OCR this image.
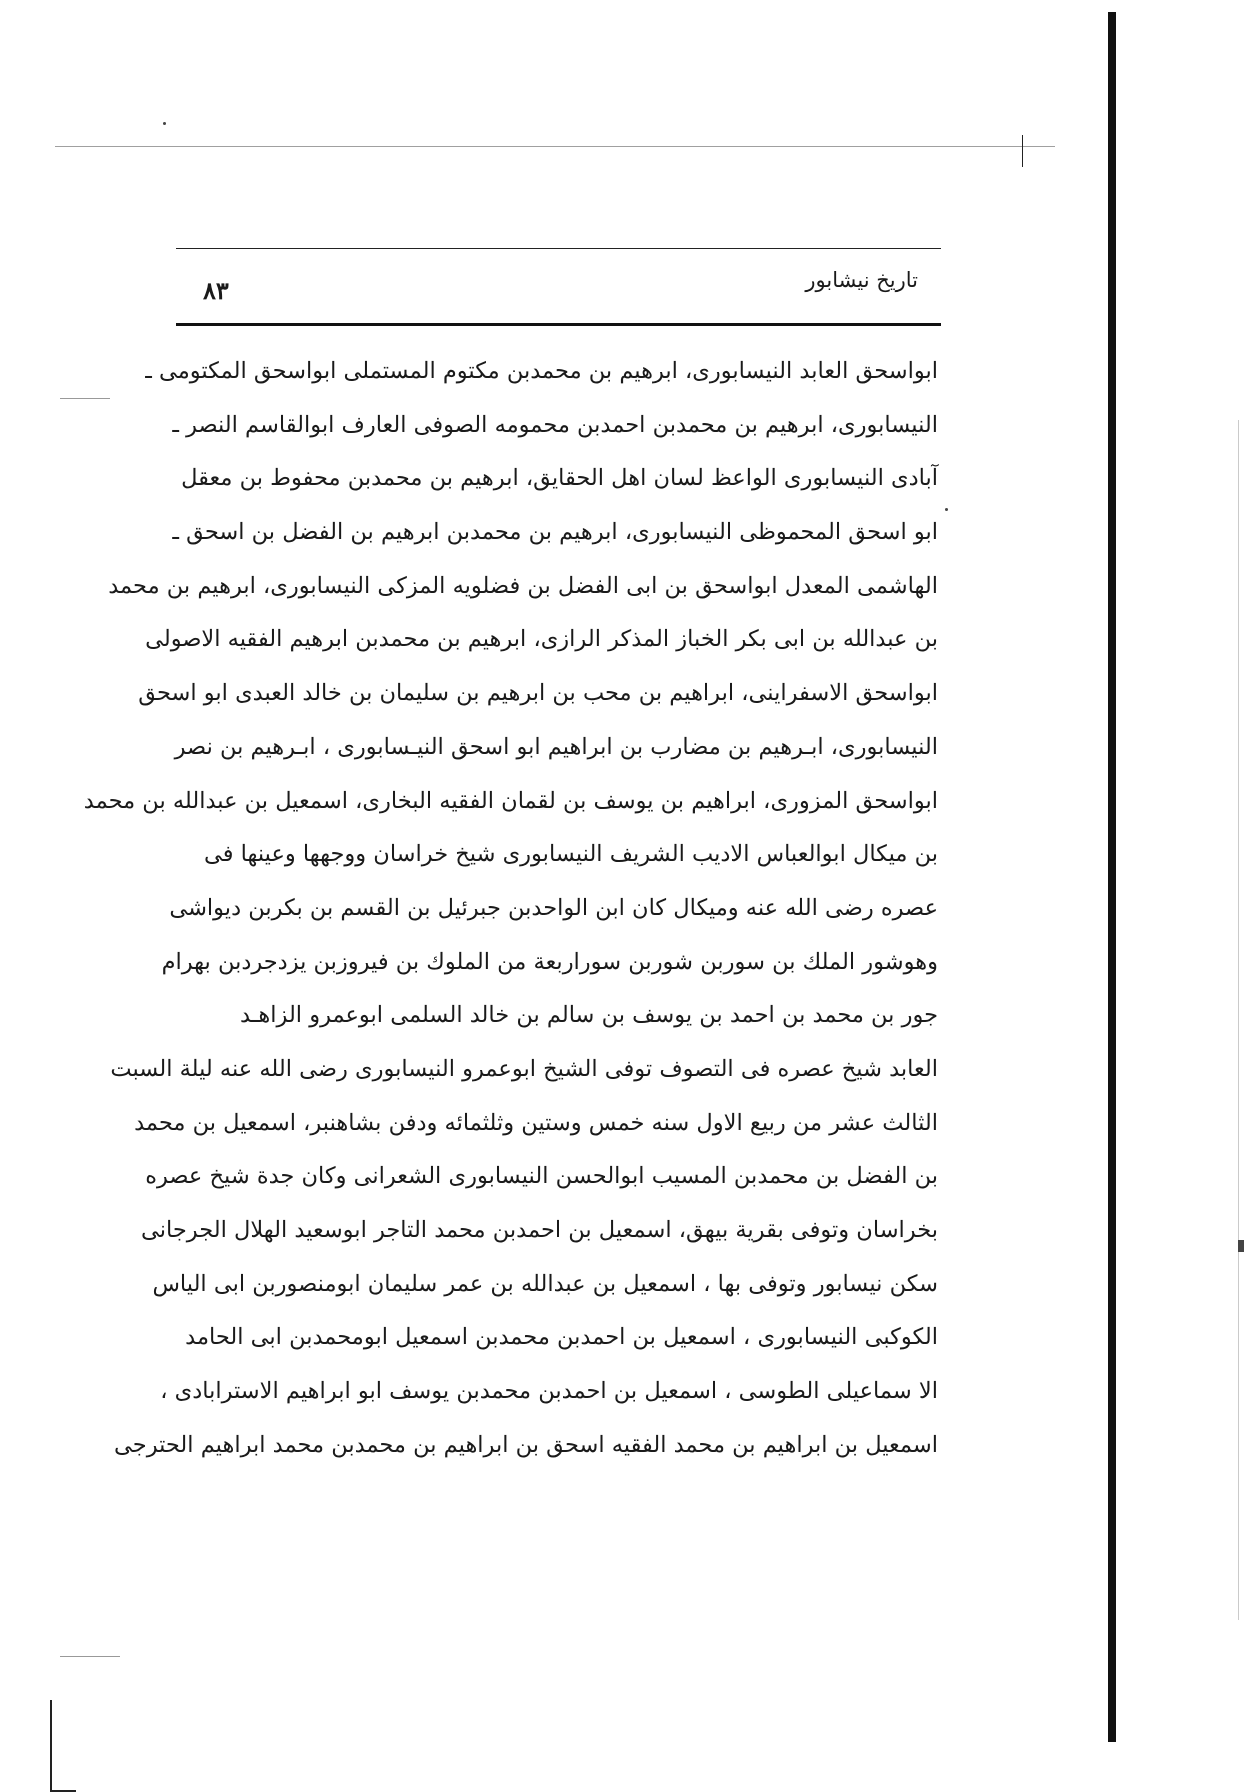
تاريخ نيشابور
۸۳
ابواسحق العابد النيسابورى، ابرهيم بن محمدبن مكتوم المستملى ابواسحق المكتومى ـ
النيسابورى، ابرهيم بن محمدبن احمدبن محمومه الصوفى العارف ابوالقاسم النصر ـ
آبادى النيسابورى الواعظ لسان اهل الحقايق، ابرهيم بن محمدبن محفوط بن معقل
ابو اسحق المحموظى النيسابورى، ابرهيم بن محمدبن ابرهيم بن الفضل بن اسحق ـ
الهاشمى المعدل ابواسحق بن ابى الفضل بن فضلويه المزكى النيسابورى، ابرهيم بن محمد
بن عبدالله بن ابى بكر الخباز المذكر الرازى، ابرهيم بن محمدبن ابرهيم الفقيه الاصولى
ابواسحق الاسفراينى، ابراهيم بن محب بن ابرهيم بن سليمان بن خالد العبدى ابو اسحق
النيسابورى، ابـرهيم بن مضارب بن ابراهيم ابو اسحق النيـسابورى ، ابـرهيم بن نصر
ابواسحق المزورى، ابراهيم بن يوسف بن لقمان الفقيه البخارى، اسمعيل بن عبدالله بن محمد
بن ميكال ابوالعباس الاديب الشريف النيسابورى شيخ خراسان ووجهها وعينها فى
عصره رضى الله عنه وميكال كان ابن الواحدبن جبرئيل بن القسم بن بكربن ديواشى
وهوشور الملك بن سوربن شوربن سوراربعة من الملوك بن فيروزبن يزدجردبن بهرام
جور بن محمد بن احمد بن يوسف بن سالم بن خالد السلمى ابوعمرو الزاهـد
العابد شيخ عصره فى التصوف توفى الشيخ ابوعمرو النيسابورى رضى الله عنه ليلة السبت
الثالث عشر من ربيع الاول سنه خمس وستين وثلثمائه ودفن بشاهنبر، اسمعيل بن محمد
بن الفضل بن محمدبن المسيب ابوالحسن النيسابورى الشعرانى وكان جدة شيخ عصره
بخراسان وتوفى بقرية بيهق، اسمعيل بن احمدبن محمد التاجر ابوسعيد الهلال الجرجانى
سكن نيسابور وتوفى بها ، اسمعيل بن عبدالله بن عمر سليمان ابومنصوربن ابى الياس
الكوكبى النيسابورى ، اسمعيل بن احمدبن محمدبن اسمعيل ابومحمدبن ابى الحامد
الا سماعيلى الطوسى ، اسمعيل بن احمدبن محمدبن يوسف ابو ابراهيم الاسترابادى ،
اسمعيل بن ابراهيم بن محمد الفقيه اسحق بن ابراهيم بن محمدبن محمد ابراهيم الحترجى
